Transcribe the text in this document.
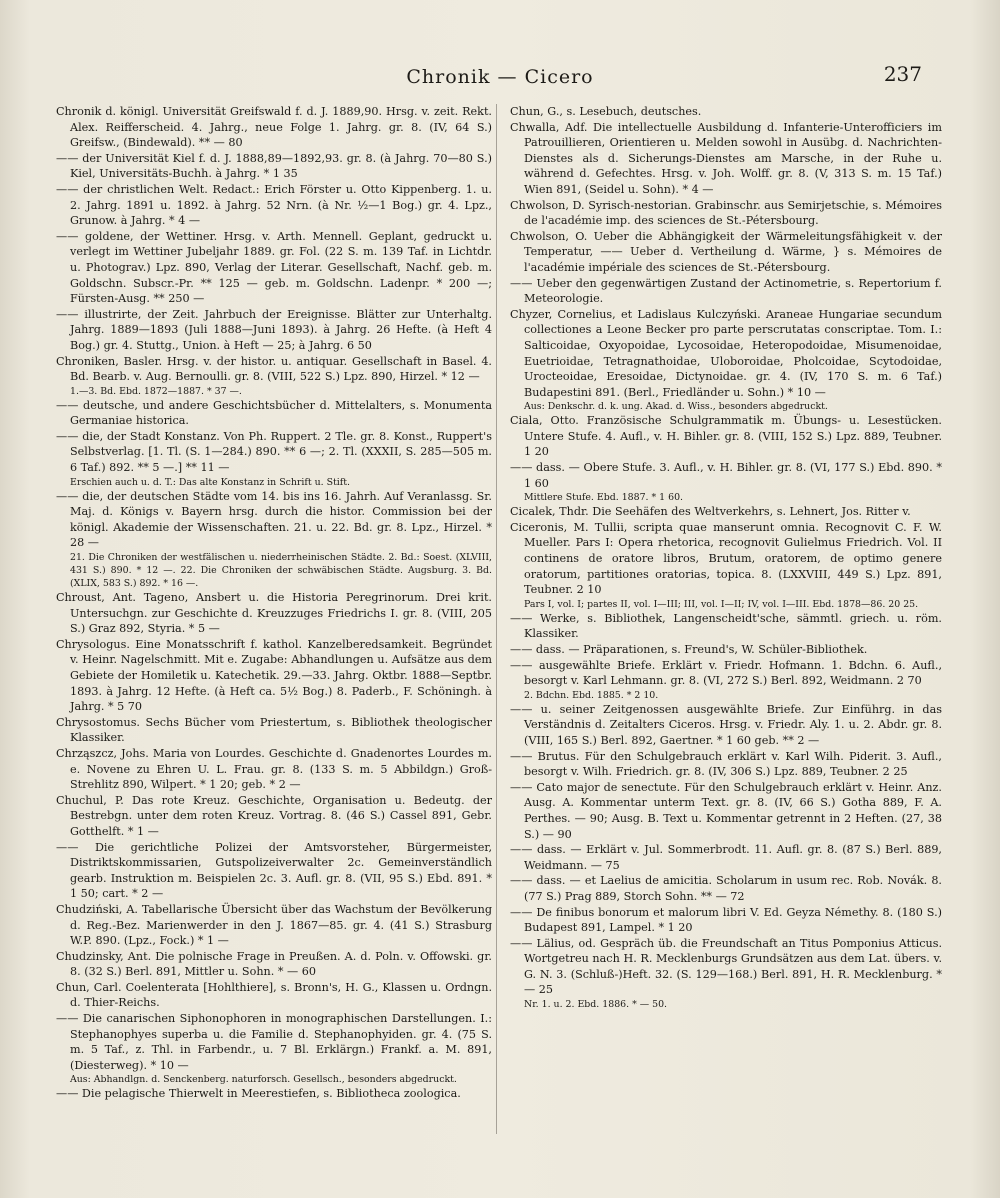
Chronik — Cicero	237
Chronik d. königl. Universität Greifswald f. d. J. 1889,90. Hrsg. v. zeit. Rekt. Alex. Reifferscheid. 4. Jahrg., neue Folge 1. Jahrg. gr. 8. (IV, 64 S.) Greifsw., (Bindewald). ** — 80
—— der Universität Kiel f. d. J. 1888,89—1892,93. gr. 8. (à Jahrg. 70—80 S.) Kiel, Universitäts-Buchh. à Jahrg. * 1 35
—— der christlichen Welt. Redact.: Erich Förster u. Otto Kippenberg. 1. u. 2. Jahrg. 1891 u. 1892. à Jahrg. 52 Nrn. (à Nr. ½—1 Bog.) gr. 4. Lpz., Grunow. à Jahrg. * 4 —
—— goldene, der Wettiner. Hrsg. v. Arth. Mennell. Geplant, gedruckt u. verlegt im Wettiner Jubeljahr 1889. gr. Fol. (22 S. m. 139 Taf. in Lichtdr. u. Photograv.) Lpz. 890, Verlag der Literar. Gesellschaft, Nachf. geb. m. Goldschn. Subscr.-Pr. ** 125 — geb. m. Goldschn. Ladenpr. * 200 —; Fürsten-Ausg. ** 250 —
—— illustrirte, der Zeit. Jahrbuch der Ereignisse. Blätter zur Unterhaltg. Jahrg. 1889—1893 (Juli 1888—Juni 1893). à Jahrg. 26 Hefte. (à Heft 4 Bog.) gr. 4. Stuttg., Union. à Heft — 25; à Jahrg. 6 50
Chroniken, Basler. Hrsg. v. der histor. u. antiquar. Gesellschaft in Basel. 4. Bd. Bearb. v. Aug. Bernoulli. gr. 8. (VIII, 522 S.) Lpz. 890, Hirzel. * 12 —
1.—3. Bd. Ebd. 1872—1887. * 37 —.
—— deutsche, und andere Geschichtsbücher d. Mittelalters, s. Monumenta Germaniae historica.
—— die, der Stadt Konstanz. Von Ph. Ruppert. 2 Tle. gr. 8. Konst., Ruppert's Selbstverlag. [1. Tl. (S. 1—284.) 890. ** 6 —; 2. Tl. (XXXII, S. 285—505 m. 6 Taf.) 892. ** 5 —.] ** 11 —
Erschien auch u. d. T.: Das alte Konstanz in Schrift u. Stift.
—— die, der deutschen Städte vom 14. bis ins 16. Jahrh. Auf Veranlassg. Sr. Maj. d. Königs v. Bayern hrsg. durch die histor. Commission bei der königl. Akademie der Wissenschaften. 21. u. 22. Bd. gr. 8. Lpz., Hirzel. * 28 —
21. Die Chroniken der westfälischen u. niederrheinischen Städte. 2. Bd.: Soest. (XLVIII, 431 S.) 890. * 12 —. 22. Die Chroniken der schwäbischen Städte. Augsburg. 3. Bd. (XLIX, 583 S.) 892. * 16 —.
Chroust, Ant. Tageno, Ansbert u. die Historia Peregrinorum. Drei krit. Untersuchgn. zur Geschichte d. Kreuzzuges Friedrichs I. gr. 8. (VIII, 205 S.) Graz 892, Styria. * 5 —
Chrysologus. Eine Monatsschrift f. kathol. Kanzelberedsamkeit. Begründet v. Heinr. Nagelschmitt. Mit e. Zugabe: Abhandlungen u. Aufsätze aus dem Gebiete der Homiletik u. Katechetik. 29.—33. Jahrg. Oktbr. 1888—Septbr. 1893. à Jahrg. 12 Hefte. (à Heft ca. 5½ Bog.) 8. Paderb., F. Schöningh. à Jahrg. * 5 70
Chrysostomus. Sechs Bücher vom Priestertum, s. Bibliothek theologischer Klassiker.
Chrząszcz, Johs. Maria von Lourdes. Geschichte d. Gnadenortes Lourdes m. e. Novene zu Ehren U. L. Frau. gr. 8. (133 S. m. 5 Abbildgn.) Groß-Strehlitz 890, Wilpert. * 1 20; geb. * 2 —
Chuchul, P. Das rote Kreuz. Geschichte, Organisation u. Bedeutg. der Bestrebgn. unter dem roten Kreuz. Vortrag. 8. (46 S.) Cassel 891, Gebr. Gotthelft. * 1 —
—— Die gerichtliche Polizei der Amtsvorsteher, Bürgermeister, Distriktskommissarien, Gutspolizeiverwalter 2c. Gemeinverständlich gearb. Instruktion m. Beispielen 2c. 3. Aufl. gr. 8. (VII, 95 S.) Ebd. 891. * 1 50; cart. * 2 —
Chudziński, A. Tabellarische Übersicht über das Wachstum der Bevölkerung d. Reg.-Bez. Marienwerder in den J. 1867—85. gr. 4. (41 S.) Strasburg W.P. 890. (Lpz., Fock.) * 1 —
Chudzinsky, Ant. Die polnische Frage in Preußen. A. d. Poln. v. Offowski. gr. 8. (32 S.) Berl. 891, Mittler u. Sohn. * — 60
Chun, Carl. Coelenterata [Hohlthiere], s. Bronn's, H. G., Klassen u. Ordngn. d. Thier-Reichs.
—— Die canarischen Siphonophoren in monographischen Darstellungen. I.: Stephanophyes superba u. die Familie d. Stephanophyiden. gr. 4. (75 S. m. 5 Taf., z. Thl. in Farbendr., u. 7 Bl. Erklärgn.) Frankf. a. M. 891, (Diesterweg). * 10 —
Aus: Abhandlgn. d. Senckenberg. naturforsch. Gesellsch., besonders abgedruckt.
—— Die pelagische Thierwelt in Meerestiefen, s. Bibliotheca zoologica.
Chun, G., s. Lesebuch, deutsches.
Chwalla, Adf. Die intellectuelle Ausbildung d. Infanterie-Unterofficiers im Patrouillieren, Orientieren u. Melden sowohl in Ausübg. d. Nachrichten-Dienstes als d. Sicherungs-Dienstes am Marsche, in der Ruhe u. während d. Gefechtes. Hrsg. v. Joh. Wolff. gr. 8. (V, 313 S. m. 15 Taf.) Wien 891, (Seidel u. Sohn). * 4 —
Chwolson, D. Syrisch-nestorian. Grabinschr. aus Semirjetschie, s. Mémoires de l'académie imp. des sciences de St.-Pétersbourg.
Chwolson, O. Ueber die Abhängigkeit der Wärmeleitungsfähigkeit v. der Temperatur, —— Ueber d. Vertheilung d. Wärme, } s. Mémoires de l'académie impériale des sciences de St.-Pétersbourg.
—— Ueber den gegenwärtigen Zustand der Actinometrie, s. Repertorium f. Meteorologie.
Chyzer, Cornelius, et Ladislaus Kulczyński. Araneae Hungariae secundum collectiones a Leone Becker pro parte perscrutatas conscriptae. Tom. I.: Salticoidae, Oxyopoidae, Lycosoidae, Heteropodoidae, Misumenoidae, Euetrioidae, Tetragnathoidae, Uloboroidae, Pholcoidae, Scytodoidae, Urocteoidae, Eresoidae, Dictynoidae. gr. 4. (IV, 170 S. m. 6 Taf.) Budapestini 891. (Berl., Friedländer u. Sohn.) * 10 —
Aus: Denkschr. d. k. ung. Akad. d. Wiss., besonders abgedruckt.
Ciala, Otto. Französische Schulgrammatik m. Übungs- u. Lesestücken. Untere Stufe. 4. Aufl., v. H. Bihler. gr. 8. (VIII, 152 S.) Lpz. 889, Teubner. 1 20
—— dass. — Obere Stufe. 3. Aufl., v. H. Bihler. gr. 8. (VI, 177 S.) Ebd. 890. * 1 60
Mittlere Stufe. Ebd. 1887. * 1 60.
Cicalek, Thdr. Die Seehäfen des Weltverkehrs, s. Lehnert, Jos. Ritter v.
Ciceronis, M. Tullii, scripta quae manserunt omnia. Recognovit C. F. W. Mueller. Pars I: Opera rhetorica, recognovit Gulielmus Friedrich. Vol. II continens de oratore libros, Brutum, oratorem, de optimo genere oratorum, partitiones oratorias, topica. 8. (LXXVIII, 449 S.) Lpz. 891, Teubner. 2 10
Pars I, vol. I; partes II, vol. I—III; III, vol. I—II; IV, vol. I—III. Ebd. 1878—86. 20 25.
—— Werke, s. Bibliothek, Langenscheidt'sche, sämmtl. griech. u. röm. Klassiker.
—— dass. — Präparationen, s. Freund's, W. Schüler-Bibliothek.
—— ausgewählte Briefe. Erklärt v. Friedr. Hofmann. 1. Bdchn. 6. Aufl., besorgt v. Karl Lehmann. gr. 8. (VI, 272 S.) Berl. 892, Weidmann. 2 70
2. Bdchn. Ebd. 1885. * 2 10.
—— u. seiner Zeitgenossen ausgewählte Briefe. Zur Einführg. in das Verständnis d. Zeitalters Ciceros. Hrsg. v. Friedr. Aly. 1. u. 2. Abdr. gr. 8. (VIII, 165 S.) Berl. 892, Gaertner. * 1 60 geb. ** 2 —
—— Brutus. Für den Schulgebrauch erklärt v. Karl Wilh. Piderit. 3. Aufl., besorgt v. Wilh. Friedrich. gr. 8. (IV, 306 S.) Lpz. 889, Teubner. 2 25
—— Cato major de senectute. Für den Schulgebrauch erklärt v. Heinr. Anz. Ausg. A. Kommentar unterm Text. gr. 8. (IV, 66 S.) Gotha 889, F. A. Perthes. — 90; Ausg. B. Text u. Kommentar getrennt in 2 Heften. (27, 38 S.) — 90
—— dass. — Erklärt v. Jul. Sommerbrodt. 11. Aufl. gr. 8. (87 S.) Berl. 889, Weidmann. — 75
—— dass. — et Laelius de amicitia. Scholarum in usum rec. Rob. Novák. 8. (77 S.) Prag 889, Storch Sohn. ** — 72
—— De finibus bonorum et malorum libri V. Ed. Geyza Némethy. 8. (180 S.) Budapest 891, Lampel. * 1 20
—— Lälius, od. Gespräch üb. die Freundschaft an Titus Pomponius Atticus. Wortgetreu nach H. R. Mecklenburgs Grundsätzen aus dem Lat. übers. v. G. N. 3. (Schluß-)Heft. 32. (S. 129—168.) Berl. 891, H. R. Mecklenburg. * — 25
Nr. 1. u. 2. Ebd. 1886. * — 50.
